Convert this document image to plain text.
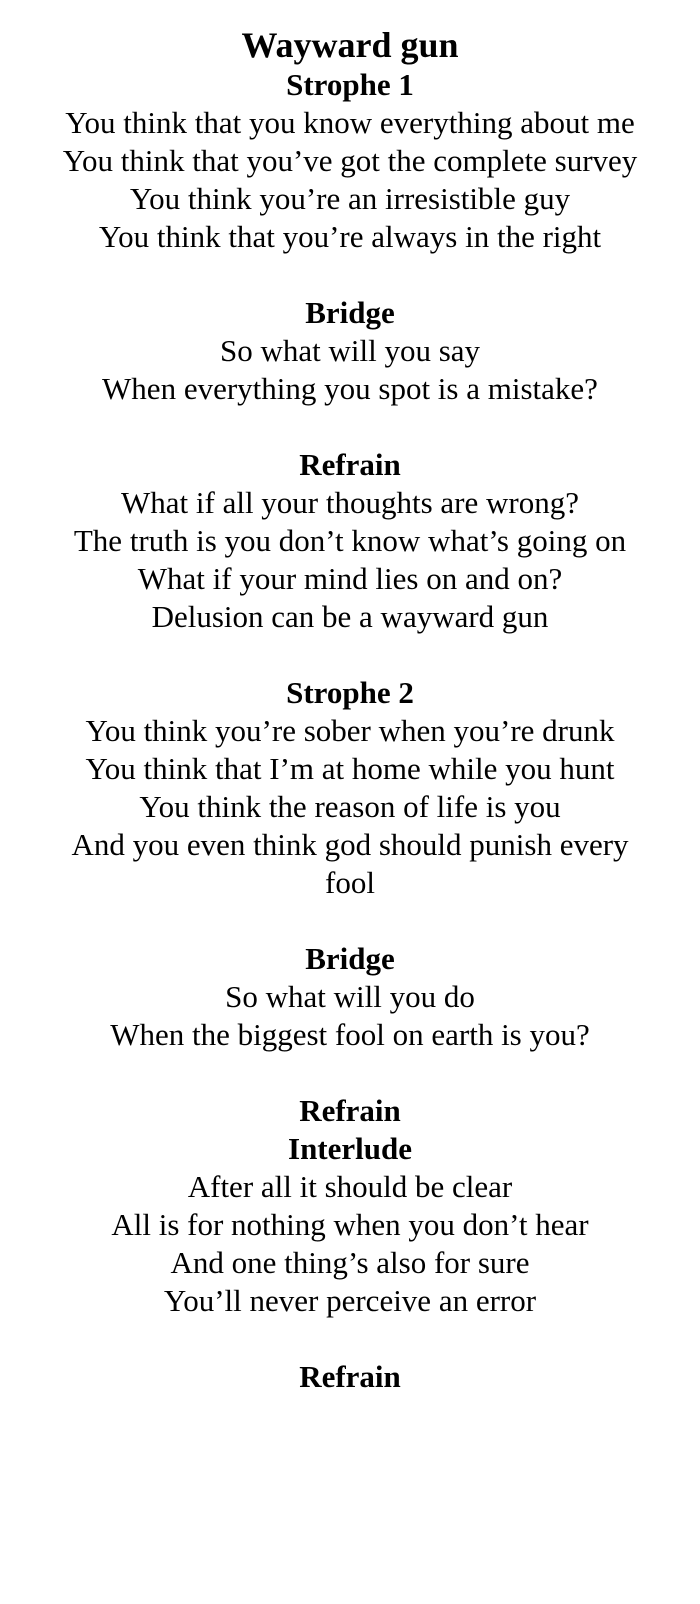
Wayward gun
Strophe 1
You think that you know everything about me
You think that you’ve got the complete survey
You think you’re an irresistible guy
You think that you’re always in the right
Bridge
So what will you say
When everything you spot is a mistake?
Refrain
What if all your thoughts are wrong?
The truth is you don’t know what’s going on
What if your mind lies on and on?
Delusion can be a wayward gun
Strophe 2
You think you’re sober when you’re drunk
You think that I’m at home while you hunt
You think the reason of life is you
And you even think god should punish every fool
Bridge
So what will you do
When the biggest fool on earth is you?
Refrain
Interlude
After all it should be clear
All is for nothing when you don’t hear
And one thing’s also for sure
You’ll never perceive an error
Refrain
